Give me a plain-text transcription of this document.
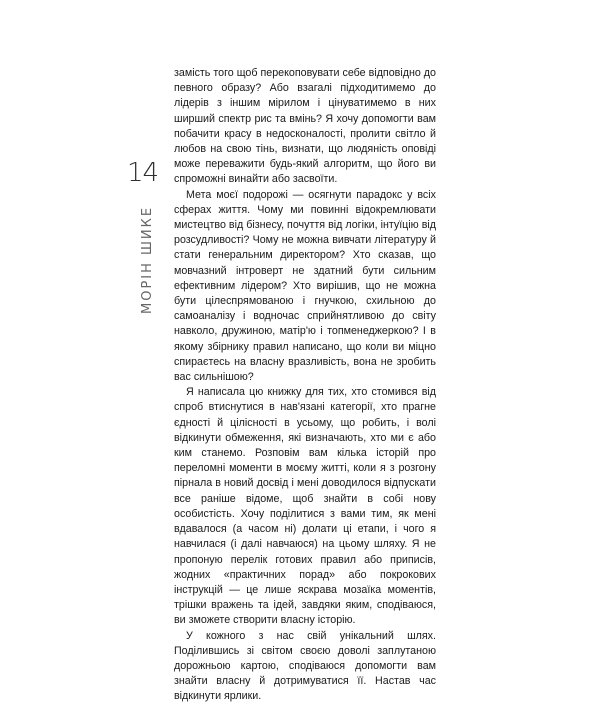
14
МОРІН ШИКЕ

замість того щоб перекоповувати себе відповідно до певного образу? Або взагалі підходитимемо до лідерів з іншим мірилом і цінуватимемо в них ширший спектр рис та вмінь? Я хочу допомогти вам побачити красу в недосконалості, пролити світло й любов на свою тінь, визнати, що людяність оповіді може переважити будь-який алгоритм, що його ви спроможні винайти або засвоїти.

Мета моєї подорожі — осягнути парадокс у всіх сферах життя. Чому ми повинні відокремлювати мистецтво від бізнесу, почуття від логіки, інтуїцію від розсудливості? Чому не можна вивчати літературу й стати генеральним директором? Хто сказав, що мовчазний інтроверт не здатний бути сильним ефективним лідером? Хто вирішив, що не можна бути цілеспрямованою і гнучкою, схильною до самоаналізу і водночас сприйнятливою до світу навколо, дружиною, матір'ю і топменеджеркою? І в якому збірнику правил написано, що коли ви міцно спираєтесь на власну вразливість, вона не зробить вас сильнішою?

Я написала цю книжку для тих, хто стомився від спроб втиснутися в нав'язані категорії, хто прагне єдності й цілісності в усьому, що робить, і волі відкинути обмеження, які визначають, хто ми є або ким станемо. Розповім вам кілька історій про переломні моменти в моєму житті, коли я з розгону пірнала в новий досвід і мені доводилося відпускати все раніше відоме, щоб знайти в собі нову особистість. Хочу поділитися з вами тим, як мені вдавалося (а часом ні) долати ці етапи, і чого я навчилася (і далі навчаюся) на цьому шляху. Я не пропоную перелік готових правил або приписів, жодних «практичних порад» або покрокових інструкцій — це лише яскрава мозаїка моментів, трішки вражень та ідей, завдяки яким, сподіваюся, ви зможете створити власну історію.

У кожного з нас свій унікальний шлях. Поділившись зі світом своєю доволі заплутаною дорожньою картою, сподіваюся допомогти вам знайти власну й дотримуватися її. Настав час відкинути ярлики.
